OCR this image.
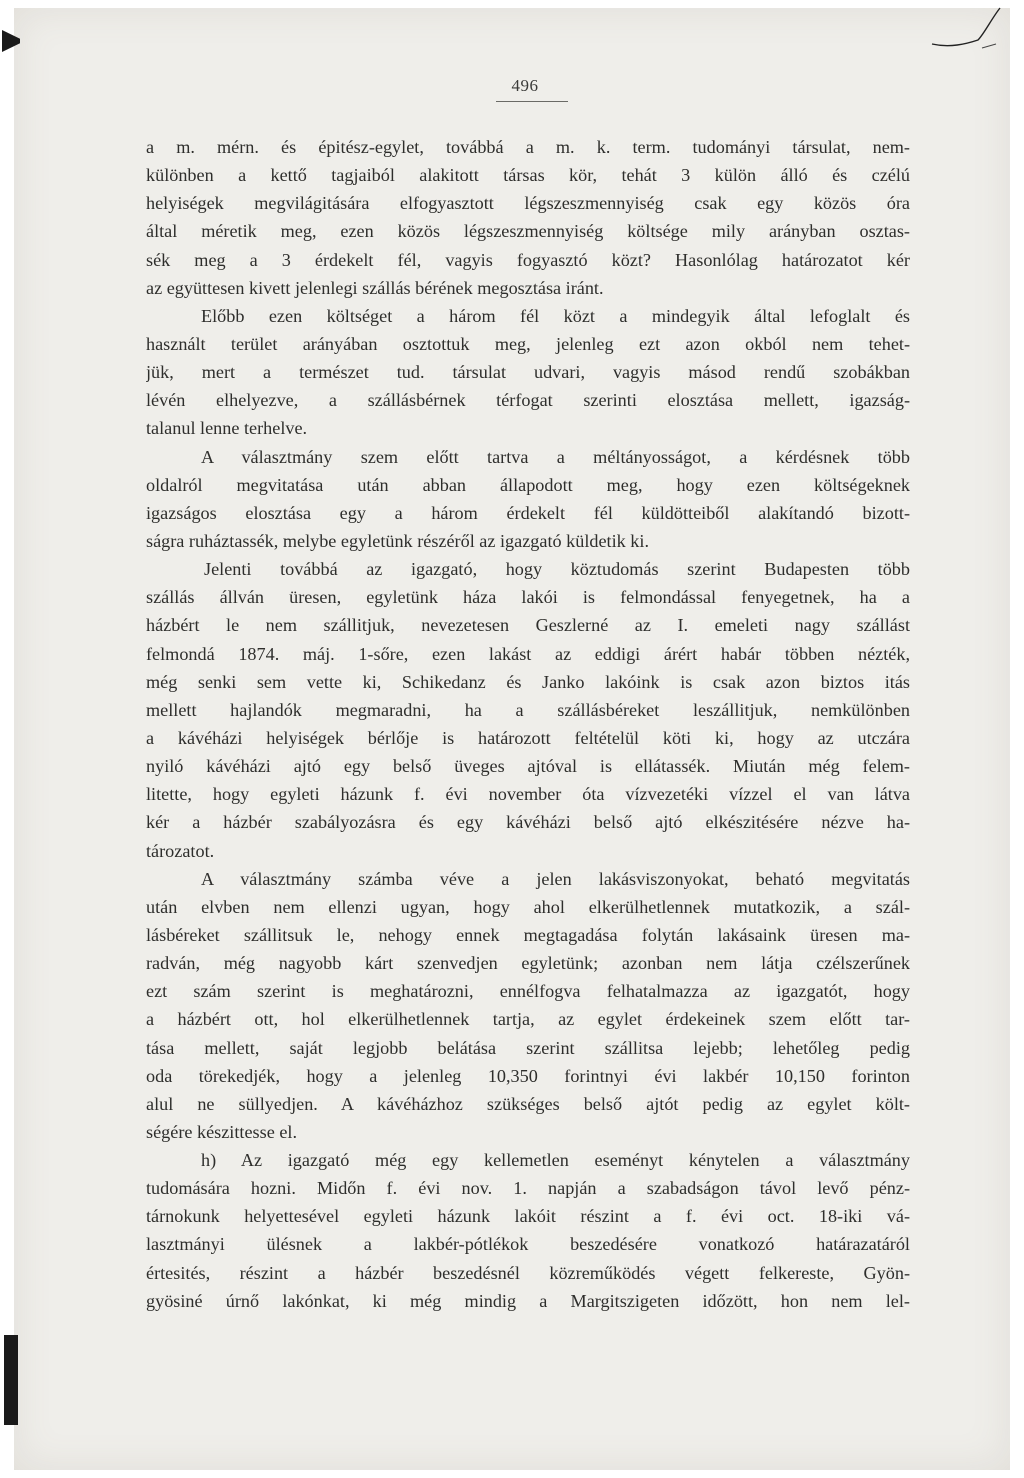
496
a m. mérn. és épitész-egylet, továbbá a m. k. term. tudományi társulat, nem-
különben a kettő tagjaiból alakitott társas kör, tehát 3 külön álló és czélú
helyiségek megvilágitására elfogyasztott légszeszmennyiség csak egy közös óra
által méretik meg, ezen közös légszeszmennyiség költsége mily arányban osztas-
sék meg a 3 érdekelt fél, vagyis fogyasztó közt? Hasonlólag határozatot kér
az együttesen kivett jelenlegi szállás bérének megosztása iránt.
Előbb ezen költséget a három fél közt a mindegyik által lefoglalt és
használt terület arányában osztottuk meg, jelenleg ezt azon okból nem tehet-
jük, mert a természet tud. társulat udvari, vagyis másod rendű szobákban
lévén elhelyezve, a szállásbérnek térfogat szerinti elosztása mellett, igazság-
talanul lenne terhelve.
A választmány szem előtt tartva a méltányosságot, a kérdésnek több
oldalról megvitatása után abban állapodott meg, hogy ezen költségeknek
igazságos elosztása egy a három érdekelt fél küldötteiből alakítandó bizott-
ságra ruháztassék, melybe egyletünk részéről az igazgató küldetik ki.
Jelenti továbbá az igazgató, hogy köztudomás szerint Budapesten több
szállás állván üresen, egyletünk háza lakói is felmondással fenyegetnek, ha a
házbért le nem szállitjuk, nevezetesen Geszlerné az I. emeleti nagy szállást
felmondá 1874. máj. 1-sőre, ezen lakást az eddigi árért habár többen nézték,
még senki sem vette ki, Schikedanz és Janko lakóink is csak azon biztos itás
mellett hajlandók megmaradni, ha a szállásbéreket leszállitjuk, nemkülönben
a kávéházi helyiségek bérlője is határozott feltételül köti ki, hogy az utczára
nyiló kávéházi ajtó egy belső üveges ajtóval is ellátassék. Miután még felem-
litette, hogy egyleti házunk f. évi november óta vízvezetéki vízzel el van látva
kér a házbér szabályozásra és egy kávéházi belső ajtó elkészitésére nézve ha-
tározatot.
A választmány számba véve a jelen lakásviszonyokat, beható megvitatás
után elvben nem ellenzi ugyan, hogy ahol elkerülhetlennek mutatkozik, a szál-
lásbéreket szállitsuk le, nehogy ennek megtagadása folytán lakásaink üresen ma-
radván, még nagyobb kárt szenvedjen egyletünk; azonban nem látja czélszerűnek
ezt szám szerint is meghatározni, ennélfogva felhatalmazza az igazgatót, hogy
a házbért ott, hol elkerülhetlennek tartja, az egylet érdekeinek szem előtt tar-
tása mellett, saját legjobb belátása szerint szállitsa lejebb; lehetőleg pedig
oda törekedjék, hogy a jelenleg 10,350 forintnyi évi lakbér 10,150 forinton
alul ne süllyedjen. A kávéházhoz szükséges belső ajtót pedig az egylet költ-
ségére készittesse el.
h) Az igazgató még egy kellemetlen eseményt kénytelen a választmány
tudomására hozni. Midőn f. évi nov. 1. napján a szabadságon távol levő pénz-
tárnokunk helyettesével egyleti házunk lakóit részint a f. évi oct. 18-iki vá-
lasztmányi ülésnek a lakbér-pótlékok beszedésére vonatkozó határazatáról
értesités, részint a házbér beszedésnél közreműködés végett felkereste, Gyön-
gyösiné úrnő lakónkat, ki még mindig a Margitszigeten időzött, hon nem lel-
